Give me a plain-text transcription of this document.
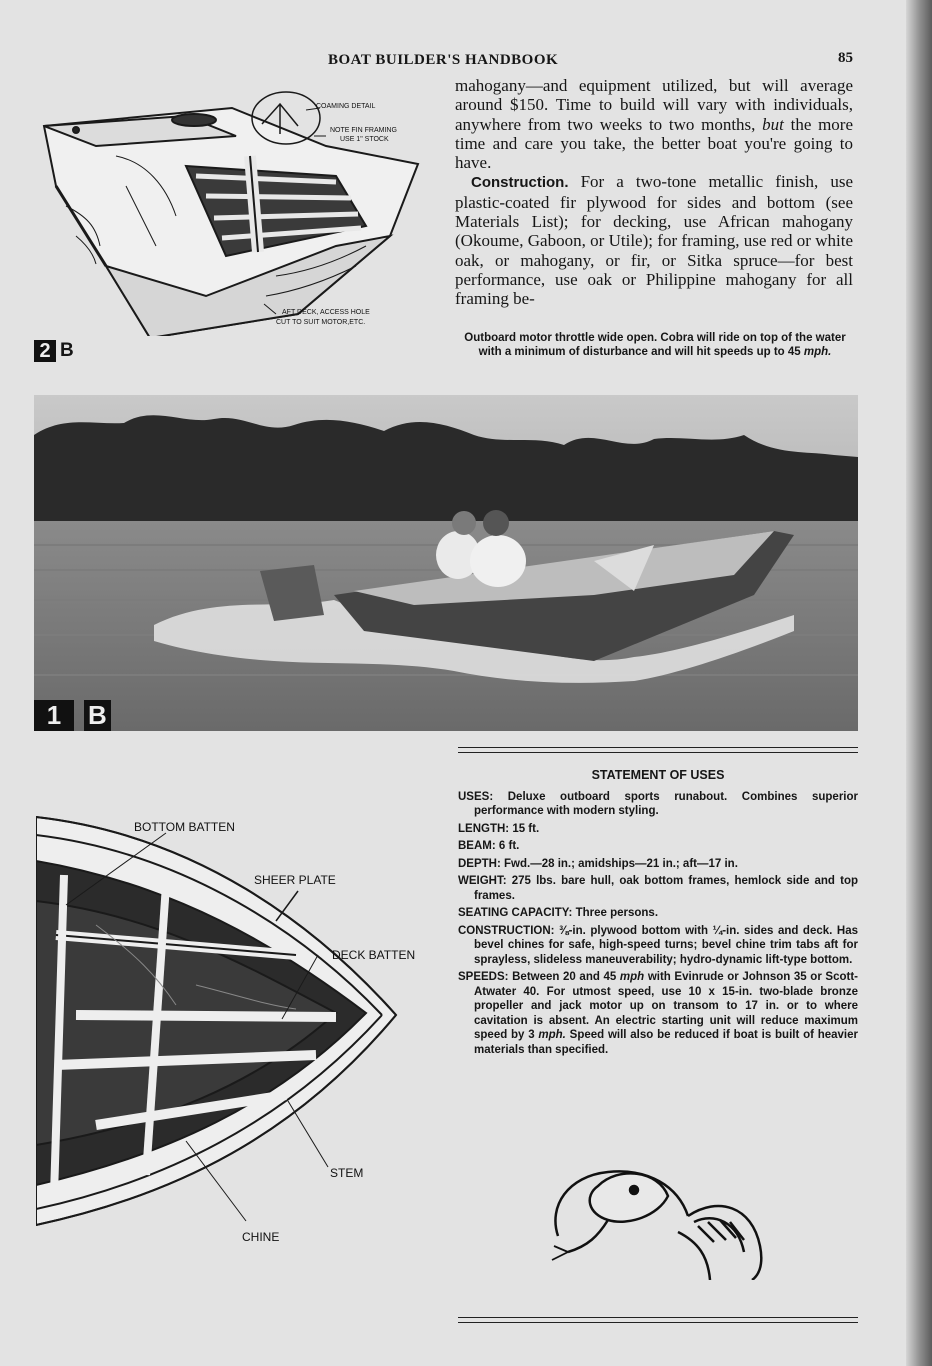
BOAT BUILDER'S HANDBOOK	85
COAMING DETAIL
NOTE FIN FRAMING
USE 1" STOCK
AFT DECK, ACCESS HOLE
CUT TO SUIT MOTOR,ETC.
2 B

mahogany—and equipment utilized, but will average around $150. Time to build will vary with individuals, anywhere from two weeks to two months, but the more time and care you take, the better boat you're going to have.

Construction. For a two-tone metallic finish, use plastic-coated fir plywood for sides and bottom (see Materials List); for decking, use African mahogany (Okoume, Gaboon, or Utile); for framing, use red or white oak, or mahogany, or fir, or Sitka spruce—for best performance, use oak or Philippine mahogany for all framing be-

Outboard motor throttle wide open. Cobra will ride on top of the water with a minimum of disturbance and will hit speeds up to 45 mph.
1	B
BOTTOM BATTEN
SHEER PLATE
DECK BATTEN
STEM
CHINE
STATEMENT OF USES
USES: Deluxe outboard sports runabout. Combines superior performance with modern styling.
LENGTH: 15 ft.
BEAM: 6 ft.
DEPTH: Fwd.—28 in.; amidships—21 in.; aft—17 in.
WEIGHT: 275 lbs. bare hull, oak bottom frames, hemlock side and top frames.
SEATING CAPACITY: Three persons.
CONSTRUCTION: ⅜-in. plywood bottom with ¼-in. sides and deck. Has bevel chines for safe, high-speed turns; bevel chine trim tabs aft for sprayless, slideless maneuverability; hydro-dynamic lift-type bottom.
SPEEDS: Between 20 and 45 mph with Evinrude or Johnson 35 or Scott-Atwater 40. For utmost speed, use 10 x 15-in. two-blade bronze propeller and jack motor up on transom to 17 in. or to where cavitation is absent. An electric starting unit will reduce maximum speed by 3 mph. Speed will also be reduced if boat is built of heavier materials than specified.
